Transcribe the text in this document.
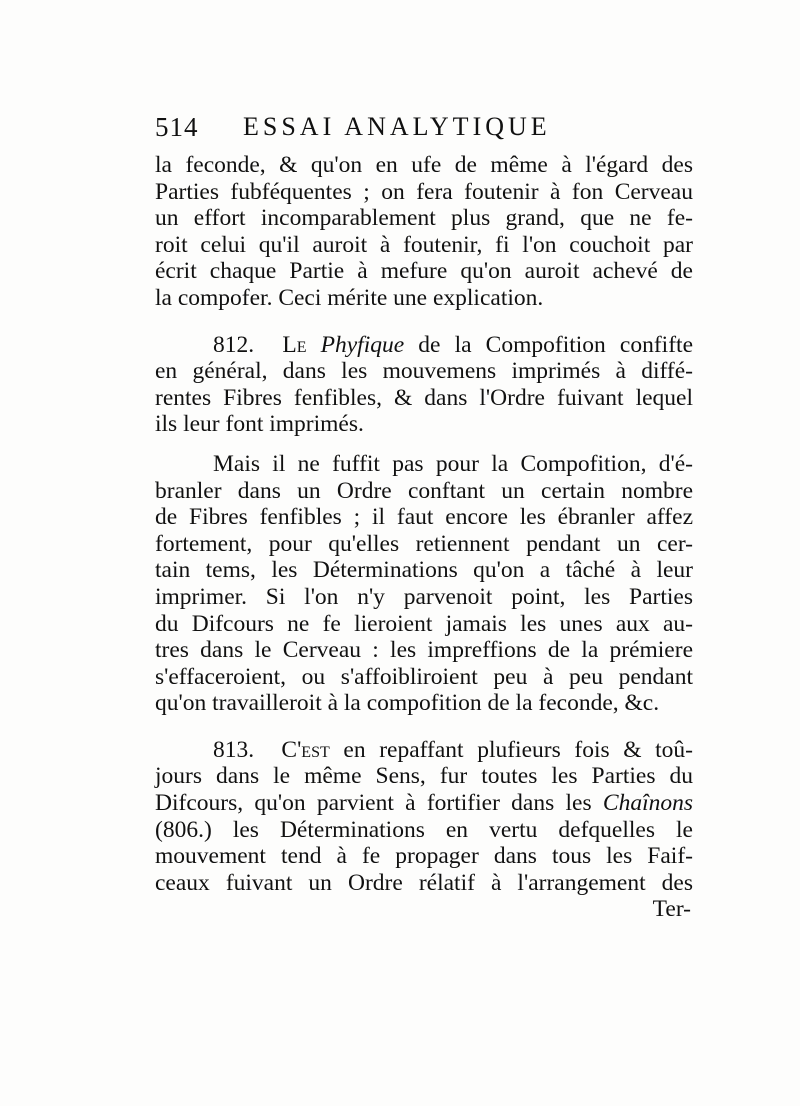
514 ESSAI ANALYTIQUE
la feconde, & qu'on en ufe de même à l'égard des
Parties fubféquentes ; on fera foutenir à fon Cerveau
un effort incomparablement plus grand, que ne fe-
roit celui qu'il auroit à foutenir, fi l'on couchoit par
écrit chaque Partie à mefure qu'on auroit achevé de
la compofer. Ceci mérite une explication.
812. Le Phyfique de la Compofition confifte
en général, dans les mouvemens imprimés à diffé-
rentes Fibres fenfibles, & dans l'Ordre fuivant lequel
ils leur font imprimés.
Mais il ne fuffit pas pour la Compofition, d'é-
branler dans un Ordre conftant un certain nombre
de Fibres fenfibles ; il faut encore les ébranler affez
fortement, pour qu'elles retiennent pendant un cer-
tain tems, les Déterminations qu'on a tâché à leur
imprimer. Si l'on n'y parvenoit point, les Parties
du Difcours ne fe lieroient jamais les unes aux au-
tres dans le Cerveau : les impreffions de la prémiere
s'effaceroient, ou s'affoibliroient peu à peu pendant
qu'on travailleroit à la compofition de la feconde, &c.
813. C'est en repaffant plufieurs fois & toû-
jours dans le même Sens, fur toutes les Parties du
Difcours, qu'on parvient à fortifier dans les Chaînons
(806.) les Déterminations en vertu defquelles le
mouvement tend à fe propager dans tous les Faif-
ceaux fuivant un Ordre rélatif à l'arrangement des
Ter-
